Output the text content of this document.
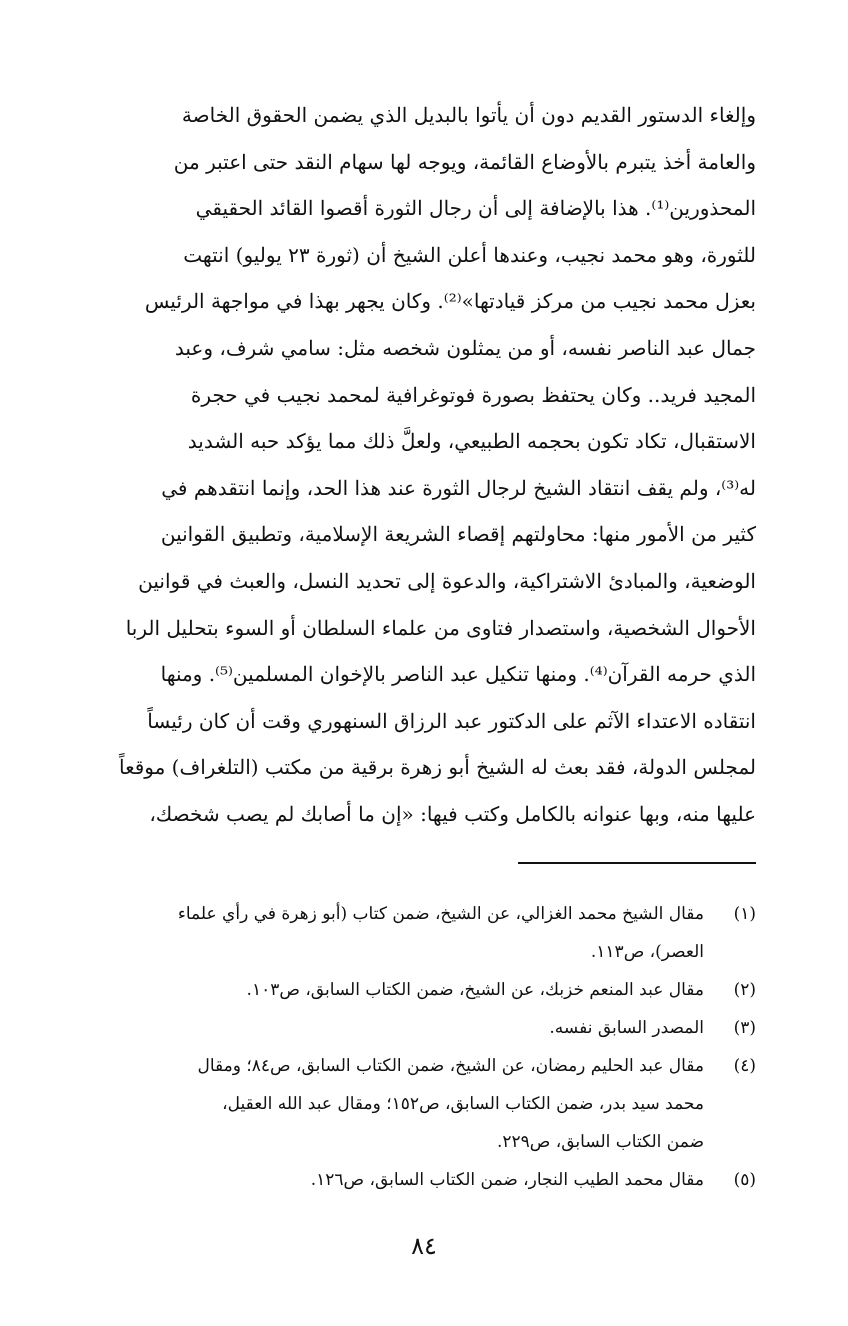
وإلغاء الدستور القديم دون أن يأتوا بالبديل الذي يضمن الحقوق الخاصة
والعامة أخذ يتبرم بالأوضاع القائمة، ويوجه لها سهام النقد حتى اعتبر من
المحذورين⁽¹⁾. هذا بالإضافة إلى أن رجال الثورة أقصوا القائد الحقيقي
للثورة، وهو محمد نجيب، وعندها أعلن الشيخ أن (ثورة ٢٣ يوليو) انتهت
بعزل محمد نجيب من مركز قيادتها»⁽²⁾. وكان يجهر بهذا في مواجهة الرئيس
جمال عبد الناصر نفسه، أو من يمثلون شخصه مثل: سامي شرف، وعبد
المجيد فريد.. وكان يحتفظ بصورة فوتوغرافية لمحمد نجيب في حجرة
الاستقبال، تكاد تكون بحجمه الطبيعي، ولعلَّ ذلك مما يؤكد حبه الشديد
له⁽³⁾، ولم يقف انتقاد الشيخ لرجال الثورة عند هذا الحد، وإنما انتقدهم في
كثير من الأمور منها: محاولتهم إقصاء الشريعة الإسلامية، وتطبيق القوانين
الوضعية، والمبادئ الاشتراكية، والدعوة إلى تحديد النسل، والعبث في قوانين
الأحوال الشخصية، واستصدار فتاوى من علماء السلطان أو السوء بتحليل الربا
الذي حرمه القرآن⁽⁴⁾. ومنها تنكيل عبد الناصر بالإخوان المسلمين⁽⁵⁾. ومنها
انتقاده الاعتداء الآثم على الدكتور عبد الرزاق السنهوري وقت أن كان رئيساً
لمجلس الدولة، فقد بعث له الشيخ أبو زهرة برقية من مكتب (التلغراف) موقعاً
عليها منه، وبها عنوانه بالكامل وكتب فيها: «إن ما أصابك لم يصب شخصك،
(١)
مقال الشيخ محمد الغزالي، عن الشيخ، ضمن كتاب (أبو زهرة في رأي علماء
العصر)، ص١١٣.
(٢)
مقال عبد المنعم خزبك، عن الشيخ، ضمن الكتاب السابق، ص١٠٣.
(٣)
المصدر السابق نفسه.
(٤)
مقال عبد الحليم رمضان، عن الشيخ، ضمن الكتاب السابق، ص٨٤؛ ومقال
محمد سيد بدر، ضمن الكتاب السابق، ص١٥٢؛ ومقال عبد الله العقيل،
ضمن الكتاب السابق، ص٢٢٩.
(٥)
مقال محمد الطيب النجار، ضمن الكتاب السابق، ص١٢٦.
٨٤
